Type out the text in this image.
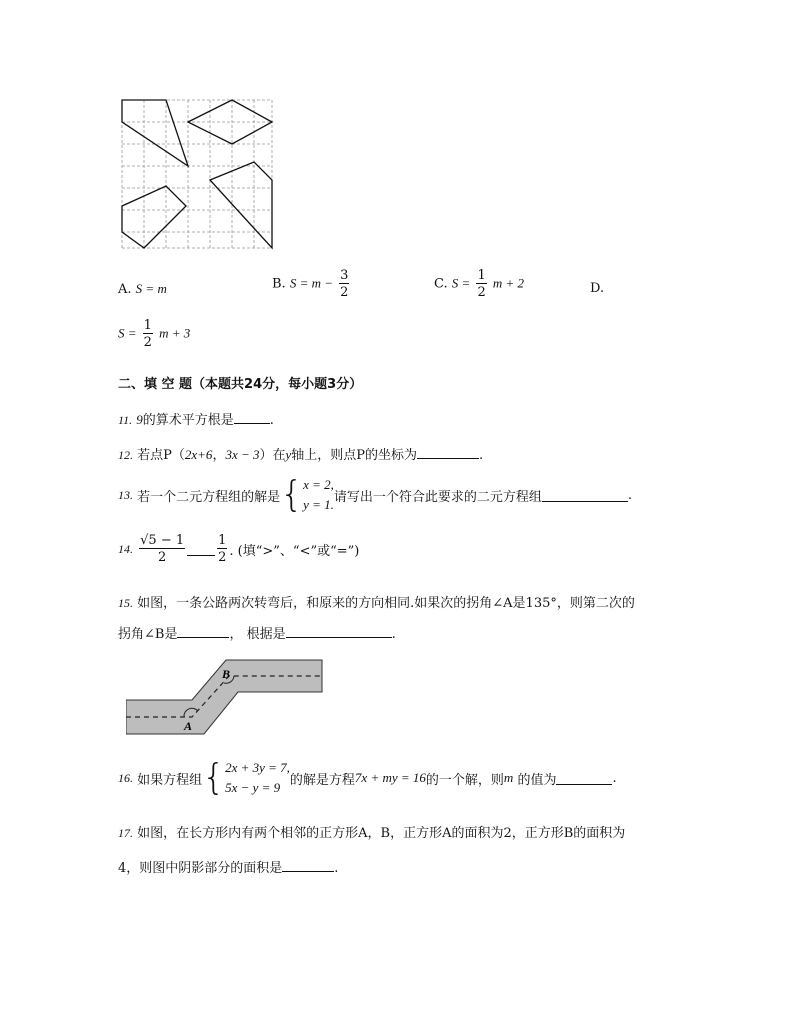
A. S = m	B. $S = m - \frac{3}{2}$	C. $S = \frac{1}{2}$ m + 2	D.
$S = \frac{1}{2}$ m + 3
二、填 空 题（本题共24分，每小题3分）
11. 9的算术平方根是	.
12. 若点P（2x+6，3x − 3）在y轴上，则点P的坐标为	.
13.
若一个二元方程组的解是 { x = 2,
y = 1. 请写出一个符合此要求的二元方程组	.
14.
$\frac{√5 - 1}{2} \frac{1}{2}$ . (填“>”、“<”或“=”)
15. 如图，一条公路两次转弯后，和原来的方向相同.如果次的拐角∠A是135°，则第二次的
拐角∠B是	， 根据是	.
A
B
16.
如果方程组 { 2x + 3y = 7,
5x − y = 9 的解是方程 7x + my = 16 的一个解，则 m
的值为	.
17. 如图，在长方形内有两个相邻的正方形A，B，正方形A的面积为2，正方形B的面积为
4，则图中阴影部分的面积是	.
